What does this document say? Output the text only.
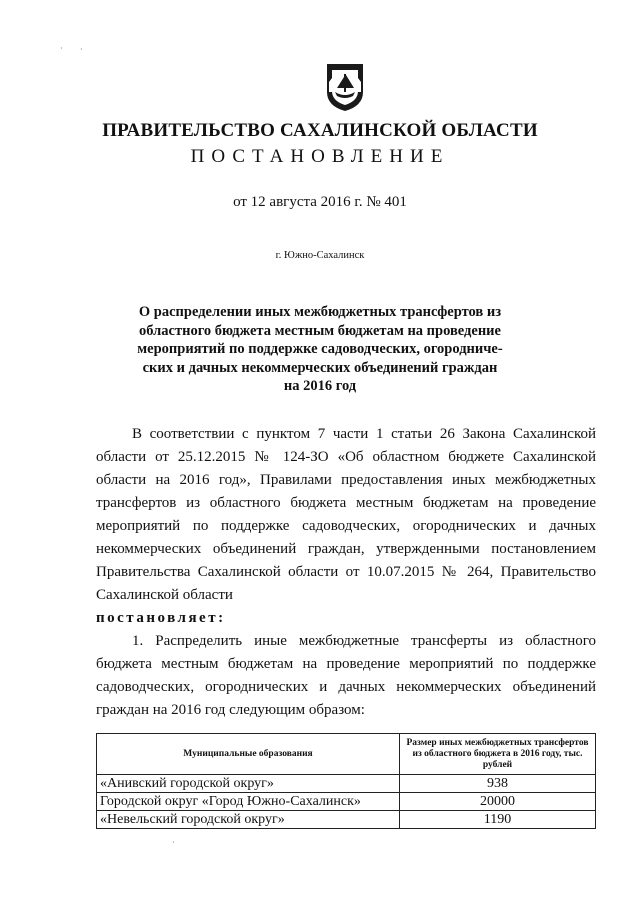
ПРАВИТЕЛЬСТВО САХАЛИНСКОЙ ОБЛАСТИ
ПОСТАНОВЛЕНИЕ
от 12 августа 2016 г. № 401
г. Южно-Сахалинск
О распределении иных межбюджетных трансфертов из
областного бюджета местным бюджетам на проведение
мероприятий по поддержке садоводческих, огородниче-
ских и дачных некоммерческих объединений граждан
на 2016 год
В соответствии с пунктом 7 части 1 статьи 26 Закона Сахалинской области от 25.12.2015 № 124-ЗО «Об областном бюджете Сахалинской области на 2016 год», Правилами предоставления иных межбюджетных трансфертов из областного бюджета местным бюджетам на проведение мероприятий по поддержке садоводческих, огороднических и дачных некоммерческих объединений граждан, утвержденными постановлением Правительства Сахалинской области от 10.07.2015 № 264, Правительство Сахалинской области
постановляет:
1. Распределить иные межбюджетные трансферты из областного бюджета местным бюджетам на проведение мероприятий по поддержке садоводческих, огороднических и дачных некоммерческих объединений граждан на 2016 год следующим образом:
Муниципальные образования	Размер иных межбюджетных трансфертов из областного бюджета в 2016 году, тыс. рублей
«Анивский городской округ»	938
Городской округ «Город Южно-Сахалинск»	20000
«Невельский городской округ»	1190
· ·
·
